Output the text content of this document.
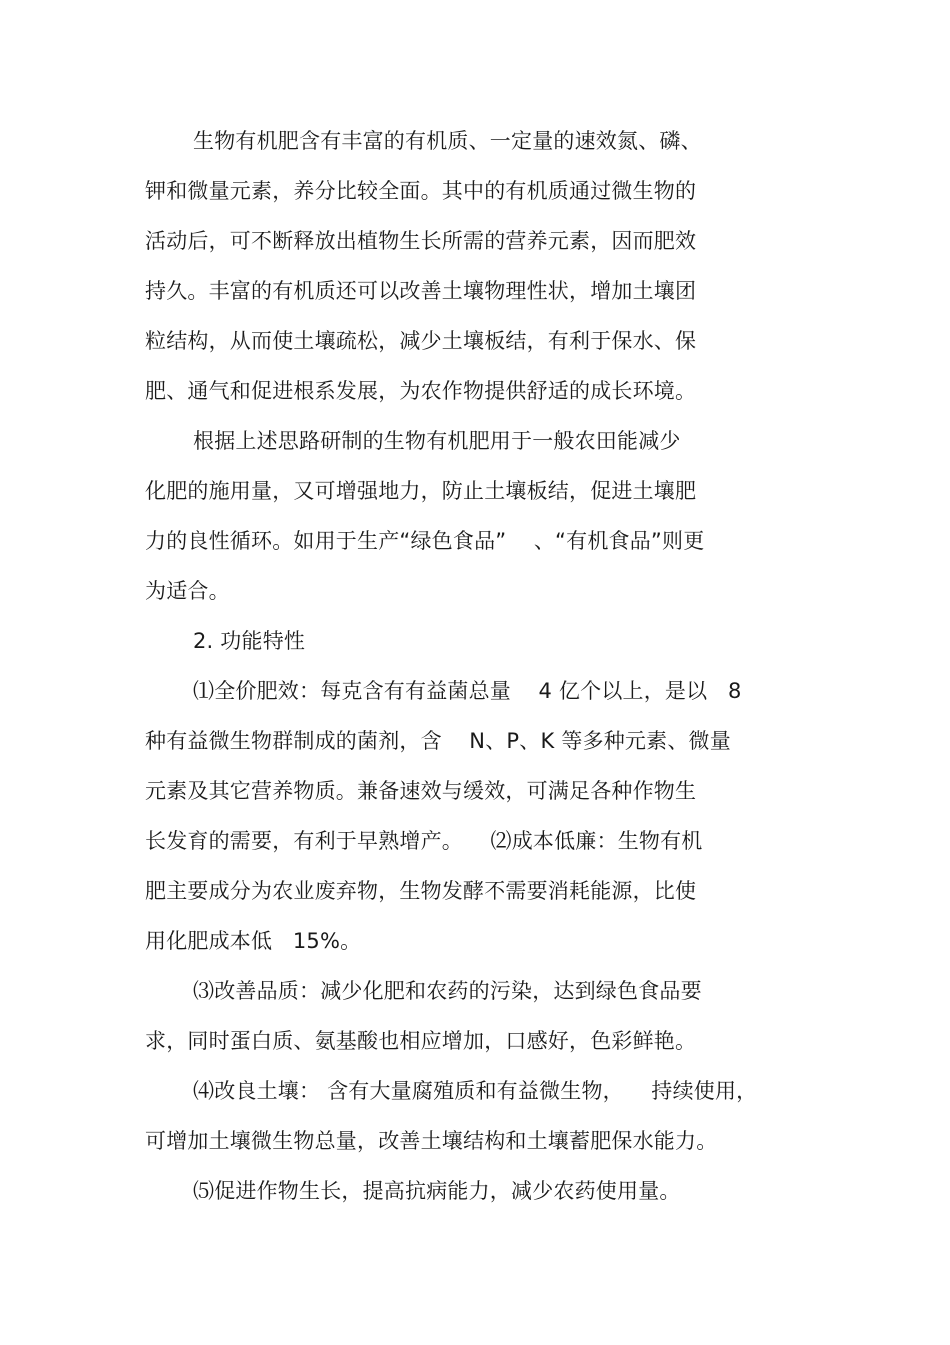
生物有机肥含有丰富的有机质、一定量的速效氮、磷、

钾和微量元素，养分比较全面。其中的有机质通过微生物的

活动后，可不断释放出植物生长所需的营养元素，因而肥效

持久。丰富的有机质还可以改善土壤物理性状，增加土壤团

粒结构，从而使土壤疏松，减少土壤板结，有利于保水、保

肥、通气和促进根系发展，为农作物提供舒适的成长环境。

根据上述思路研制的生物有机肥用于一般农田能减少

化肥的施用量，又可增强地力，防止土壤板结，促进土壤肥

力的良性循环。如用于生产“绿色食品”    、“有机食品”则更

为适合。

2. 功能特性

⑴全价肥效：每克含有有益菌总量    4 亿个以上，是以   8

种有益微生物群制成的菌剂，含    N、P、K 等多种元素、微量

元素及其它营养物质。兼备速效与缓效，可满足各种作物生

长发育的需要，有利于早熟增产。    ⑵成本低廉：生物有机

肥主要成分为农业废弃物，生物发酵不需要消耗能源，比使

用化肥成本低   15%。

⑶改善品质：减少化肥和农药的污染，达到绿色食品要

求，同时蛋白质、氨基酸也相应增加，口感好，色彩鲜艳。

⑷改良土壤： 含有大量腐殖质和有益微生物，    持续使用，

可增加土壤微生物总量，改善土壤结构和土壤蓄肥保水能力。

⑸促进作物生长，提高抗病能力，减少农药使用量。
